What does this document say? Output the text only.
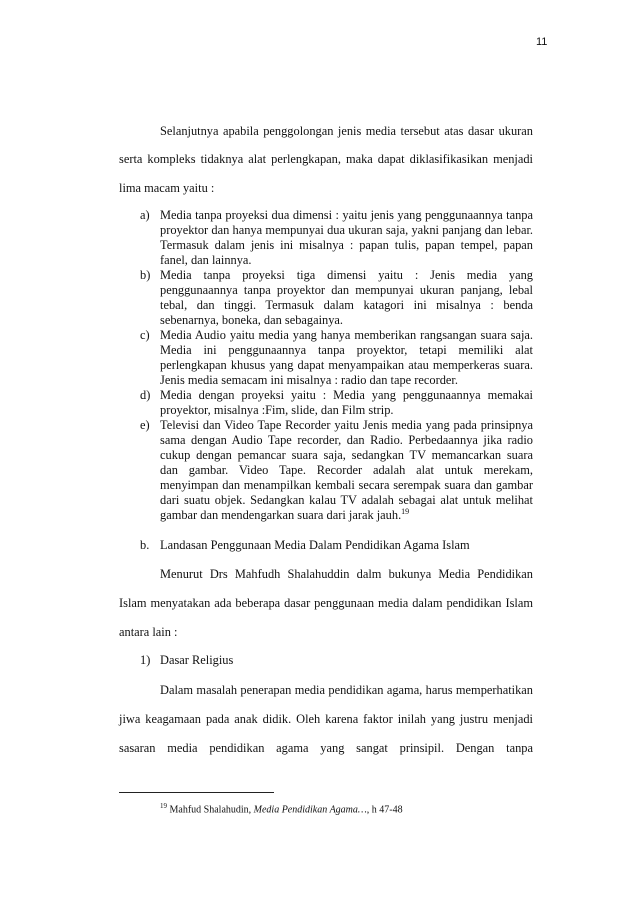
11
Selanjutnya apabila penggolongan jenis media tersebut atas dasar ukuran
serta kompleks tidaknya alat perlengkapan, maka dapat diklasifikasikan menjadi
lima macam yaitu :
a) Media tanpa proyeksi dua dimensi : yaitu jenis yang penggunaannya tanpa
proyektor dan hanya mempunyai dua ukuran saja, yakni panjang dan lebar.
Termasuk dalam jenis ini misalnya : papan tulis, papan tempel, papan
fanel, dan lainnya.
b) Media tanpa proyeksi tiga dimensi yaitu : Jenis media yang
penggunaannya tanpa proyektor dan mempunyai ukuran panjang, lebal
tebal, dan tinggi. Termasuk dalam katagori ini misalnya : benda
sebenarnya, boneka, dan sebagainya.
c) Media Audio yaitu media yang hanya memberikan rangsangan suara saja.
Media ini penggunaannya tanpa proyektor, tetapi memiliki alat
perlengkapan khusus yang dapat menyampaikan atau memperkeras suara.
Jenis media semacam ini misalnya : radio dan tape recorder.
d) Media dengan proyeksi yaitu : Media yang penggunaannya memakai
proyektor, misalnya :Fim, slide, dan Film strip.
e) Televisi dan Video Tape Recorder yaitu Jenis media yang pada prinsipnya
sama dengan Audio Tape recorder, dan Radio. Perbedaannya jika radio
cukup dengan pemancar suara saja, sedangkan TV memancarkan suara
dan gambar. Video Tape. Recorder adalah alat untuk merekam,
menyimpan dan menampilkan kembali secara serempak suara dan gambar
dari suatu objek. Sedangkan kalau TV adalah sebagai alat untuk melihat
gambar dan mendengarkan suara dari jarak jauh.$^{19}$
b. Landasan Penggunaan Media Dalam Pendidikan Agama Islam
Menurut Drs Mahfudh Shalahuddin dalm bukunya Media Pendidikan
Islam menyatakan ada beberapa dasar penggunaan media dalam pendidikan Islam
antara lain :
1) Dasar Religius
Dalam masalah penerapan media pendidikan agama, harus memperhatikan
jiwa keagamaan pada anak didik. Oleh karena faktor inilah yang justru menjadi
sasaran media pendidikan agama yang sangat prinsipil. Dengan tanpa
$^{19}$ Mahfud Shalahudin, Media Pendidikan Agama…, h 47-48
